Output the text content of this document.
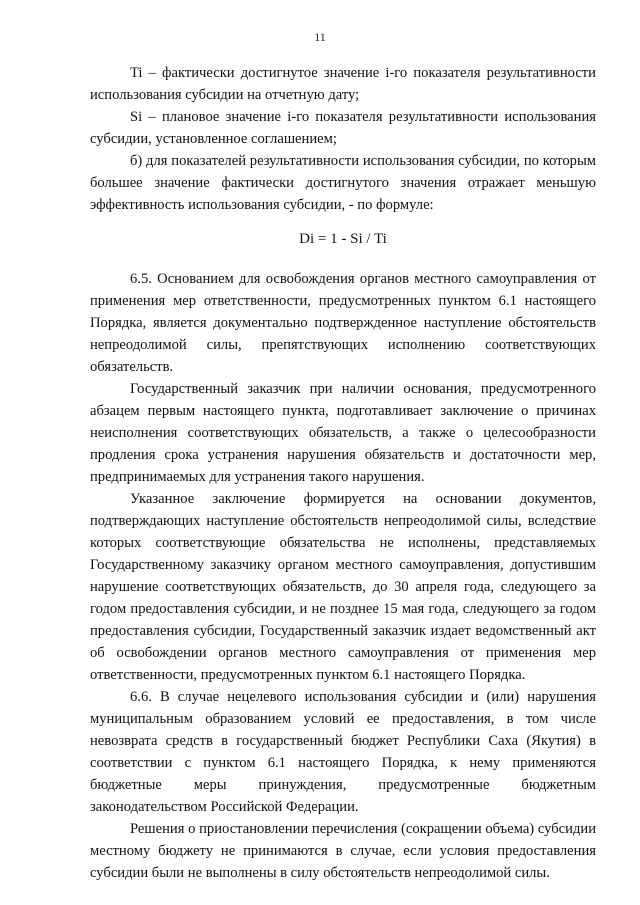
11

Ti – фактически достигнутое значение i-го показателя результативности использования субсидии на отчетную дату;

Si – плановое значение i-го показателя результативности использования субсидии, установленное соглашением;

б) для показателей результативности использования субсидии, по которым большее значение фактически достигнутого значения отражает меньшую эффективность использования субсидии, - по формуле:

Di = 1 - Si / Ti

6.5. Основанием для освобождения органов местного самоуправления от применения мер ответственности, предусмотренных пунктом 6.1 настоящего Порядка, является документально подтвержденное наступление обстоятельств непреодолимой силы, препятствующих исполнению соответствующих обязательств.

Государственный заказчик при наличии основания, предусмотренного абзацем первым настоящего пункта, подготавливает заключение о причинах неисполнения соответствующих обязательств, а также о целесообразности продления срока устранения нарушения обязательств и достаточности мер, предпринимаемых для устранения такого нарушения.

Указанное заключение формируется на основании документов, подтверждающих наступление обстоятельств непреодолимой силы, вследствие которых соответствующие обязательства не исполнены, представляемых Государственному заказчику органом местного самоуправления, допустившим нарушение соответствующих обязательств, до 30 апреля года, следующего за годом предоставления субсидии, и не позднее 15 мая года, следующего за годом предоставления субсидии, Государственный заказчик издает ведомственный акт об освобождении органов местного самоуправления от применения мер ответственности, предусмотренных пунктом 6.1 настоящего Порядка.

6.6. В случае нецелевого использования субсидии и (или) нарушения муниципальным образованием условий ее предоставления, в том числе невозврата средств в государственный бюджет Республики Саха (Якутия) в соответствии с пунктом 6.1 настоящего Порядка, к нему применяются бюджетные меры принуждения, предусмотренные бюджетным законодательством Российской Федерации.

Решения о приостановлении перечисления (сокращении объема) субсидии местному бюджету не принимаются в случае, если условия предоставления субсидии были не выполнены в силу обстоятельств непреодолимой силы.
